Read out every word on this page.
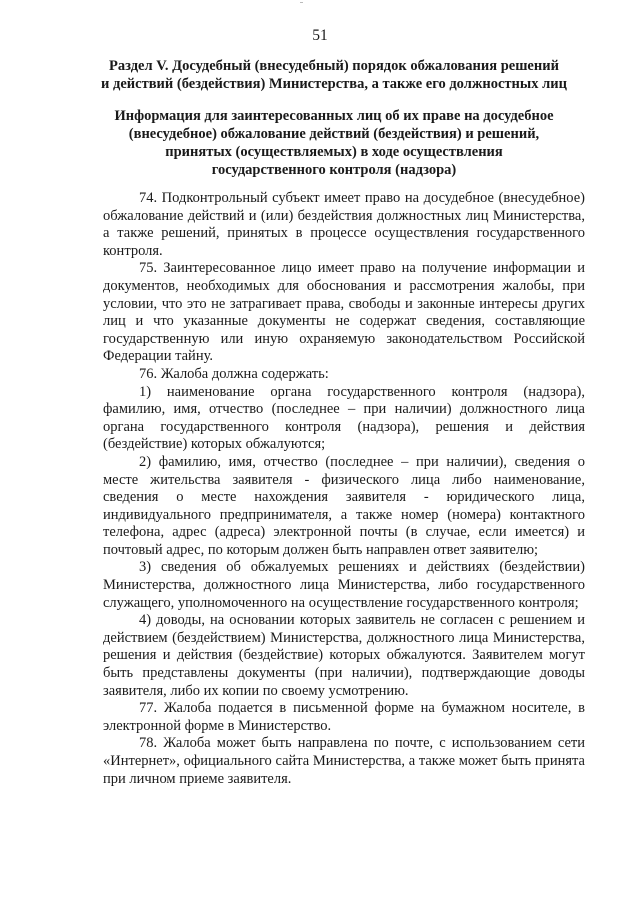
51
Раздел V. Досудебный (внесудебный) порядок обжалования решений
и действий (бездействия) Министерства, а также его должностных лиц
Информация для заинтересованных лиц об их праве на досудебное
(внесудебное) обжалование действий (бездействия) и решений,
принятых (осуществляемых) в ходе осуществления
государственного контроля (надзора)

74. Подконтрольный субъект имеет право на досудебное (внесудебное) обжалование действий и (или) бездействия должностных лиц Министерства, а также решений, принятых в процессе осуществления государственного контроля.

75. Заинтересованное лицо имеет право на получение информации и документов, необходимых для обоснования и рассмотрения жалобы, при условии, что это не затрагивает права, свободы и законные интересы других лиц и что указанные документы не содержат сведения, составляющие государственную или иную охраняемую законодательством Российской Федерации тайну.

76. Жалоба должна содержать:

1) наименование органа государственного контроля (надзора), фамилию, имя, отчество (последнее – при наличии) должностного лица органа государственного контроля (надзора), решения и действия (бездействие) которых обжалуются;

2) фамилию, имя, отчество (последнее – при наличии), сведения о месте жительства заявителя - физического лица либо наименование, сведения о месте нахождения заявителя - юридического лица, индивидуального предпринимателя, а также номер (номера) контактного телефона, адрес (адреса) электронной почты (в случае, если имеется) и почтовый адрес, по которым должен быть направлен ответ заявителю;

3) сведения об обжалуемых решениях и действиях (бездействии) Министерства, должностного лица Министерства, либо государственного служащего, уполномоченного на осуществление государственного контроля;

4) доводы, на основании которых заявитель не согласен с решением и действием (бездействием) Министерства, должностного лица Министерства, решения и действия (бездействие) которых обжалуются. Заявителем могут быть представлены документы (при наличии), подтверждающие доводы заявителя, либо их копии по своему усмотрению.

77. Жалоба подается в письменной форме на бумажном носителе, в электронной форме в Министерство.

78. Жалоба может быть направлена по почте, с использованием сети «Интернет», официального сайта Министерства, а также может быть принята при личном приеме заявителя.
